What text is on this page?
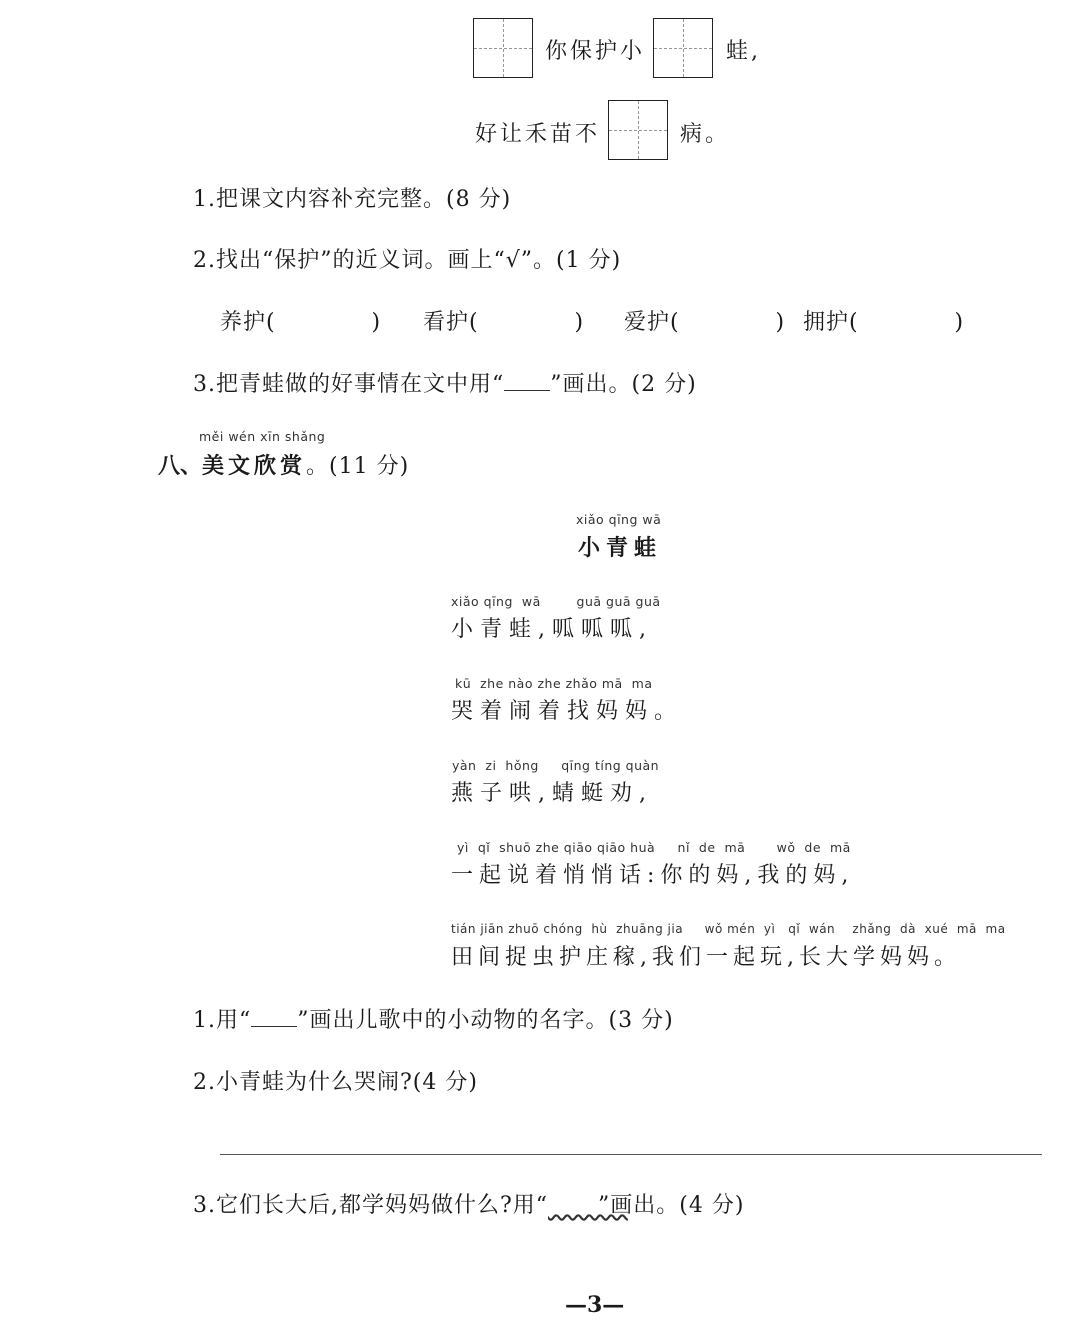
你保护小	蛙,
好让禾苗不	病。
1.把课文内容补充完整。(8 分)
2.找出“保护”的近义词。画上“√”。(1 分)
养护(            ) 看护(            ) 爱护(            ) 拥护(            )
3.把青蛙做的好事情在文中用“ ”画出。(2 分)
měi wén xīn shǎng
八、美文欣赏。(11 分)
xiǎo qīng wā
小青蛙
xiǎo qīng  wā        guā guā guā
小青蛙,呱呱呱,
kū  zhe nào zhe zhǎo mā  ma
哭着闹着找妈妈。
yàn  zi  hǒng     qīng tíng quàn
燕子哄,蜻蜓劝,
yì  qǐ  shuō zhe qiāo qiāo huà     nǐ  de  mā       wǒ  de  mā
一起说着悄悄话:你的妈,我的妈,
tián jiān zhuō chóng  hù  zhuāng jia     wǒ mén  yì   qǐ  wán    zhǎng  dà  xué  mā  ma
田间捉虫护庄稼,我们一起玩,长大学妈妈。
1.用“ ”画出儿歌中的小动物的名字。(3 分)
2.小青蛙为什么哭闹?(4 分)
3.它们长大后,都学妈妈做什么?用“ ”画出。(4 分)
—3—
